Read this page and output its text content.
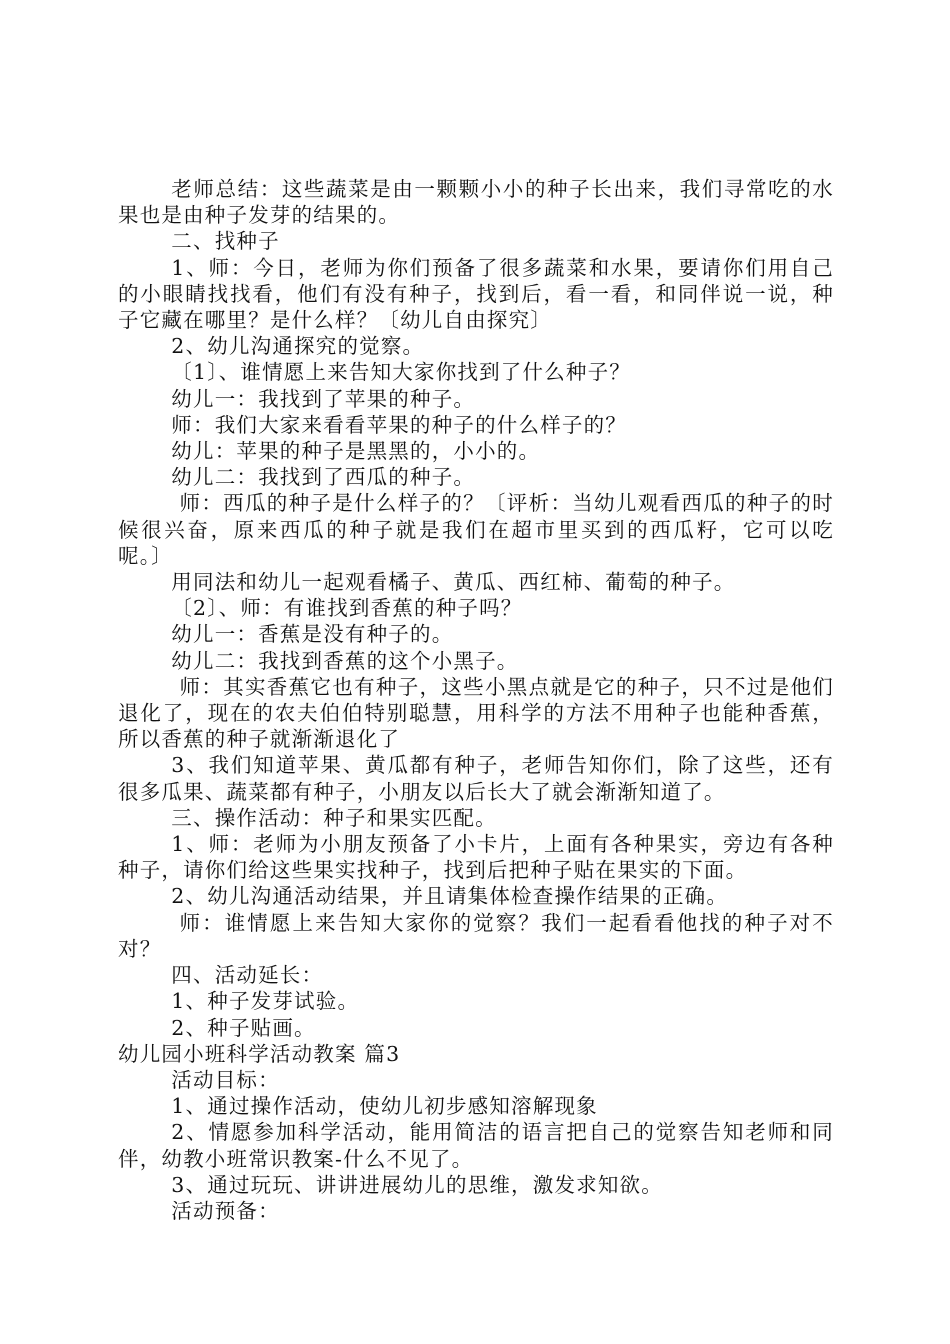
老师总结：这些蔬菜是由一颗颗小小的种子长出来，我们寻常吃的水果也是由种子发芽的结果的。

二、找种子

1、师：今日，老师为你们预备了很多蔬菜和水果，要请你们用自己的小眼睛找找看，他们有没有种子，找到后，看一看，和同伴说一说，种子它藏在哪里？是什么样？〔幼儿自由探究〕

2、幼儿沟通探究的觉察。

〔1〕、谁情愿上来告知大家你找到了什么种子？

幼儿一：我找到了苹果的种子。

师：我们大家来看看苹果的种子的什么样子的？

幼儿：苹果的种子是黑黑的，小小的。

幼儿二：我找到了西瓜的种子。

师：西瓜的种子是什么样子的？〔评析：当幼儿观看西瓜的种子的时候很兴奋，原来西瓜的种子就是我们在超市里买到的西瓜籽，它可以吃呢。〕

用同法和幼儿一起观看橘子、黄瓜、西红柿、葡萄的种子。

〔2〕、师：有谁找到香蕉的种子吗？

幼儿一：香蕉是没有种子的。

幼儿二：我找到香蕉的这个小黑子。

师：其实香蕉它也有种子，这些小黑点就是它的种子，只不过是他们退化了，现在的农夫伯伯特别聪慧，用科学的方法不用种子也能种香蕉，所以香蕉的种子就渐渐退化了

3、我们知道苹果、黄瓜都有种子，老师告知你们，除了这些，还有很多瓜果、蔬菜都有种子，小朋友以后长大了就会渐渐知道了。

三、操作活动：种子和果实匹配。

1、师：老师为小朋友预备了小卡片，上面有各种果实，旁边有各种种子，请你们给这些果实找种子，找到后把种子贴在果实的下面。

2、幼儿沟通活动结果，并且请集体检查操作结果的正确。

师：谁情愿上来告知大家你的觉察？我们一起看看他找的种子对不对？

四、活动延长：

1、种子发芽试验。

2、种子贴画。

幼儿园小班科学活动教案 篇3

活动目标：

1、通过操作活动，使幼儿初步感知溶解现象

2、情愿参加科学活动，能用简洁的语言把自己的觉察告知老师和同伴，幼教小班常识教案-什么不见了。

3、通过玩玩、讲讲进展幼儿的思维，激发求知欲。

活动预备：
